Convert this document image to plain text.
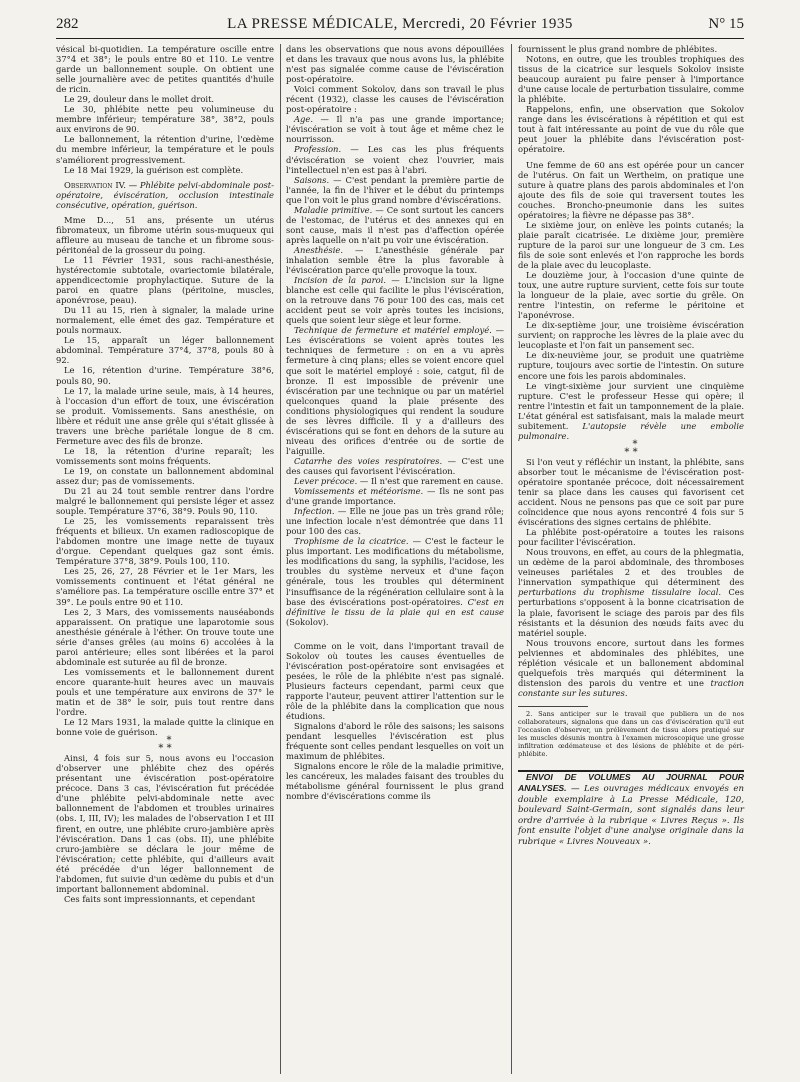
282	LA PRESSE MÉDICALE, Mercredi, 20 Février 1935	N° 15

vésical bi-quotidien. La température oscille entre 37°4 et 38°; le pouls entre 80 et 110. Le ventre garde un ballonnement souple. On obtient une selle journalière avec de petites quantités d'huile de ricin.

Le 29, douleur dans le mollet droit.

Le 30, phlébite nette peu volumineuse du membre inférieur; température 38°, 38°2, pouls aux environs de 90.

Le ballonnement, la rétention d'urine, l'œdème du membre inférieur, la température et le pouls s'améliorent progressivement.

Le 18 Mai 1929, la guérison est complète.

Observation IV. — Phlébite pelvi-abdominale post-opératoire, éviscération, occlusion intestinale consécutive, opération, guérison.

Mme D..., 51 ans, présente un utérus fibromateux, un fibrome utérin sous-muqueux qui affleure au museau de tanche et un fibrome sous-péritonéal de la grosseur du poing.

Le 11 Février 1931, sous rachi-anesthésie, hystérectomie subtotale, ovariectomie bilatérale, appendicectomie prophylactique. Suture de la paroi en quatre plans (péritoine, muscles, aponévrose, peau).

Du 11 au 15, rien à signaler, la malade urine normalement, elle émet des gaz. Température et pouls normaux.

Le 15, apparaît un léger ballonnement abdominal. Température 37°4, 37°8, pouls 80 à 92.

Le 16, rétention d'urine. Température 38°6, pouls 80, 90.

Le 17, la malade urine seule, mais, à 14 heures, à l'occasion d'un effort de toux, une éviscération se produit. Vomissements. Sans anesthésie, on libère et réduit une anse grêle qui s'était glissée à travers une brèche pariétale longue de 8 cm. Fermeture avec des fils de bronze.

Le 18, la rétention d'urine reparaît; les vomissements sont moins fréquents.

Le 19, on constate un ballonnement abdominal assez dur; pas de vomissements.

Du 21 au 24 tout semble rentrer dans l'ordre malgré le ballonnement qui persiste léger et assez souple. Température 37°6, 38°9. Pouls 90, 110.

Le 25, les vomissements reparaissent très fréquents et bilieux. Un examen radioscopique de l'abdomen montre une image nette de tuyaux d'orgue. Cependant quelques gaz sont émis. Température 37°8, 38°9. Pouls 100, 110.

Les 25, 26, 27, 28 Février et le 1er Mars, les vomissements continuent et l'état général ne s'améliore pas. La température oscille entre 37° et 39°. Le pouls entre 90 et 110.

Les 2, 3 Mars, des vomissements nauséabonds apparaissent. On pratique une laparotomie sous anesthésie générale à l'éther. On trouve toute une série d'anses grêles (au moins 6) accolées à la paroi antérieure; elles sont libérées et la paroi abdominale est suturée au fil de bronze.

Les vomissements et le ballonnement durent encore quarante-huit heures avec un mauvais pouls et une température aux environs de 37° le matin et de 38° le soir, puis tout rentre dans l'ordre.

Le 12 Mars 1931, la malade quitte la clinique en bonne voie de guérison.

*
* *

Ainsi, 4 fois sur 5, nous avons eu l'occasion d'observer une phlébite chez des opérés présentant une éviscération post-opératoire précoce. Dans 3 cas, l'éviscération fut précédée d'une phlébite pelvi-abdominale nette avec ballonnement de l'abdomen et troubles urinaires (obs. I, III, IV); les malades de l'observation I et III firent, en outre, une phlébite cruro-jambière après l'éviscération. Dans 1 cas (obs. II), une phlébite cruro-jambière se déclara le jour même de l'éviscération; cette phlébite, qui d'ailleurs avait été précédée d'un léger ballonnement de l'abdomen, fut suivie d'un œdème du pubis et d'un important ballonnement abdominal.

Ces faits sont impressionnants, et cependant

dans les observations que nous avons dépouillées et dans les travaux que nous avons lus, la phlébite n'est pas signalée comme cause de l'éviscération post-opératoire.

Voici comment Sokolov, dans son travail le plus récent (1932), classe les causes de l'éviscération post-opératoire :

Age. — Il n'a pas une grande importance; l'éviscération se voit à tout âge et même chez le nourrisson.

Profession. — Les cas les plus fréquents d'éviscération se voient chez l'ouvrier, mais l'intellectuel n'en est pas à l'abri.

Saisons. — C'est pendant la première partie de l'année, la fin de l'hiver et le début du printemps que l'on voit le plus grand nombre d'éviscérations.

Maladie primitive. — Ce sont surtout les cancers de l'estomac, de l'utérus et des annexes qui en sont cause, mais il n'est pas d'affection opérée après laquelle on n'ait pu voir une éviscération.

Anesthésie. — L'anesthésie générale par inhalation semble être la plus favorable à l'éviscération parce qu'elle provoque la toux.

Incision de la paroi. — L'incision sur la ligne blanche est celle qui facilite le plus l'éviscération, on la retrouve dans 76 pour 100 des cas, mais cet accident peut se voir après toutes les incisions, quels que soient leur siège et leur forme.

Technique de fermeture et matériel employé. — Les éviscérations se voient après toutes les techniques de fermeture : on en a vu après fermeture à cinq plans; elles se voient encore quel que soit le matériel employé : soie, catgut, fil de bronze. Il est impossible de prévenir une éviscération par une technique ou par un matériel quelconques quand la plaie présente des conditions physiologiques qui rendent la soudure de ses lèvres difficile. Il y a d'ailleurs des éviscérations qui se font en dehors de la suture au niveau des orifices d'entrée ou de sortie de l'aiguille.

Catarrhe des voies respiratoires. — C'est une des causes qui favorisent l'éviscération.

Lever précoce. — Il n'est que rarement en cause.

Vomissements et météorisme. — Ils ne sont pas d'une grande importance.

Infection. — Elle ne joue pas un très grand rôle; une infection locale n'est démontrée que dans 11 pour 100 des cas.

Trophisme de la cicatrice. — C'est le facteur le plus important. Les modifications du métabolisme, les modifications du sang, la syphilis, l'acidose, les troubles du système nerveux et d'une façon générale, tous les troubles qui déterminent l'insuffisance de la régénération cellulaire sont à la base des éviscérations post-opératoires. C'est en définitive le tissu de la plaie qui en est cause (Sokolov).

Comme on le voit, dans l'important travail de Sokolov où toutes les causes éventuelles de l'éviscération post-opératoire sont envisagées et pesées, le rôle de la phlébite n'est pas signalé. Plusieurs facteurs cependant, parmi ceux que rapporte l'auteur, peuvent attirer l'attention sur le rôle de la phlébite dans la complication que nous étudions.

Signalons d'abord le rôle des saisons; les saisons pendant lesquelles l'éviscération est plus fréquente sont celles pendant lesquelles on voit un maximum de phlébites.

Signalons encore le rôle de la maladie primitive, les cancéreux, les malades faisant des troubles du métabolisme général fournissent le plus grand nombre d'éviscérations comme ils

fournissent le plus grand nombre de phlébites.

Notons, en outre, que les troubles trophiques des tissus de la cicatrice sur lesquels Sokolov insiste beaucoup auraient pu faire penser à l'importance d'une cause locale de perturbation tissulaire, comme la phlébite.

Rappelons, enfin, une observation que Sokolov range dans les éviscérations à répétition et qui est tout à fait intéressante au point de vue du rôle que peut jouer la phlébite dans l'éviscération post-opératoire.

Une femme de 60 ans est opérée pour un cancer de l'utérus. On fait un Wertheim, on pratique une suture à quatre plans des parois abdominales et l'on ajoute des fils de soie qui traversent toutes les couches. Broncho-pneumonie dans les suites opératoires; la fièvre ne dépasse pas 38°.

Le sixième jour, on enlève les points cutanés; la plaie paraît cicatrisée. Le dixième jour, première rupture de la paroi sur une longueur de 3 cm. Les fils de soie sont enlevés et l'on rapproche les bords de la plaie avec du leucoplaste.

Le douzième jour, à l'occasion d'une quinte de toux, une autre rupture survient, cette fois sur toute la longueur de la plaie, avec sortie du grêle. On rentre l'intestin, on referme le péritoine et l'aponévrose.

Le dix-septième jour, une troisième éviscération survient; on rapproche les lèvres de la plaie avec du leucoplaste et l'on fait un pansement sec.

Le dix-neuvième jour, se produit une quatrième rupture, toujours avec sortie de l'intestin. On suture encore une fois les parois abdominales.

Le vingt-sixième jour survient une cinquième rupture. C'est le professeur Hesse qui opère; il rentre l'intestin et fait un tamponnement de la plaie. L'état général est satisfaisant, mais la malade meurt subitement. L'autopsie révèle une embolie pulmonaire.

*
* *

Si l'on veut y réfléchir un instant, la phlébite, sans absorber tout le mécanisme de l'éviscération post-opératoire spontanée précoce, doit nécessairement tenir sa place dans les causes qui favorisent cet accident. Nous ne pensons pas que ce soit par pure coïncidence que nous ayons rencontré 4 fois sur 5 éviscérations des signes certains de phlébite.

La phlébite post-opératoire a toutes les raisons pour faciliter l'éviscération.

Nous trouvons, en effet, au cours de la phlegmatia, un œdème de la paroi abdominale, des thromboses veineuses pariétales 2 et des troubles de l'innervation sympathique qui déterminent des perturbations du trophisme tissulaire local. Ces perturbations s'opposent à la bonne cicatrisation de la plaie, favorisent le sciage des parois par des fils résistants et la désunion des nœuds faits avec du matériel souple.

Nous trouvons encore, surtout dans les formes pelviennes et abdominales des phlébites, une réplétion vésicale et un ballonement abdominal quelquefois très marqués qui déterminent la distension des parois du ventre et une traction constante sur les sutures.

2. Sans anticiper sur le travail que publiera un de nos collaborateurs, signalons que dans un cas d'éviscération qu'il eut l'occasion d'observer, un prélèvement de tissu alors pratiqué sur les muscles désunis montra à l'examen microscopique une grosse infiltration œdémateuse et des lésions de phlébite et de péri-phlébite.

ENVOI DE VOLUMES AU JOURNAL POUR ANALYSES. — Les ouvrages médicaux envoyés en double exemplaire à La Presse Médicale, 120, boulevard Saint-Germain, sont signalés dans leur ordre d'arrivée à la rubrique « Livres Reçus ». Ils font ensuite l'objet d'une analyse originale dans la rubrique « Livres Nouveaux ».
